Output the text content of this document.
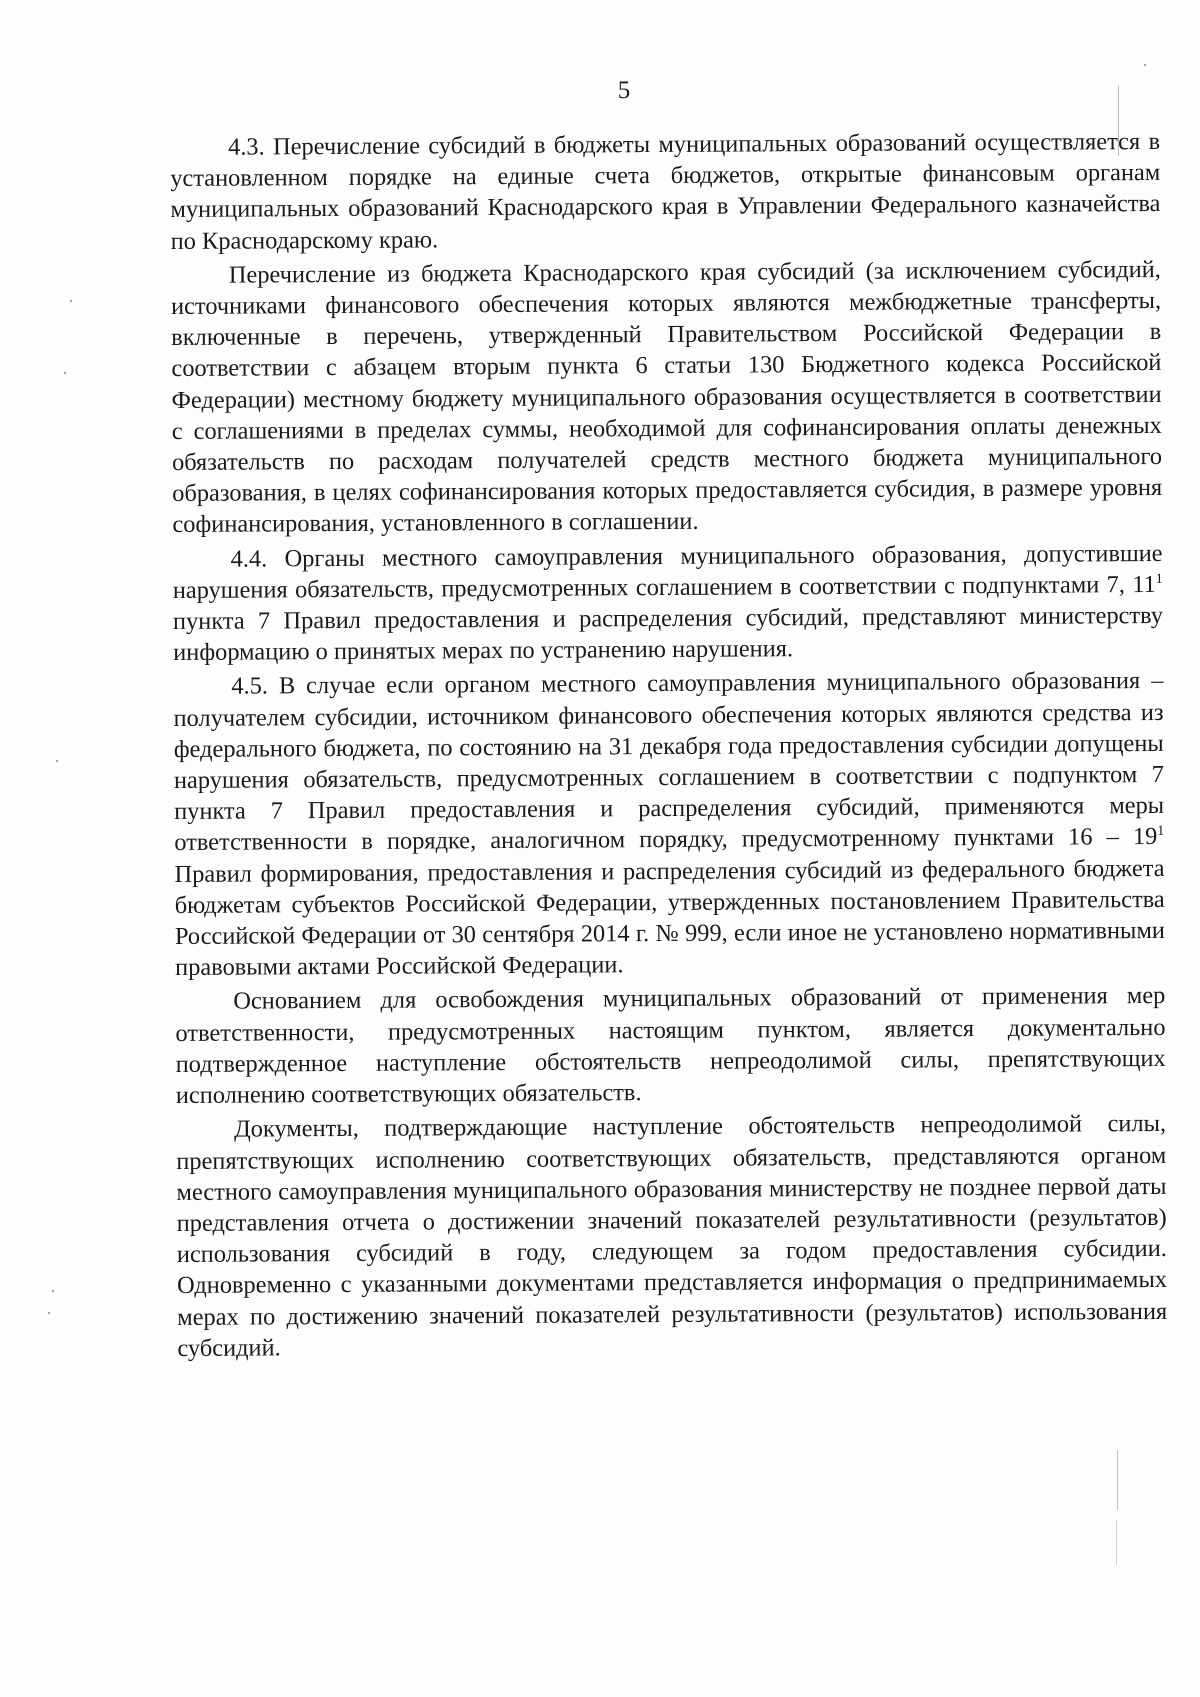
5

4.3. Перечисление субсидий в бюджеты муниципальных образований осуществляется в установленном порядке на единые счета бюджетов, открытые финансовым органам муниципальных образований Краснодарского края в Управлении Федерального казначейства по Краснодарскому краю.

Перечисление из бюджета Краснодарского края субсидий (за исключением субсидий, источниками финансового обеспечения которых являются межбюджетные трансферты, включенные в перечень, утвержденный Правительством Российской Федерации в соответствии с абзацем вторым пункта 6 статьи 130 Бюджетного кодекса Российской Федерации) местному бюджету муниципального образования осуществляется в соответствии с соглашениями в пределах суммы, необходимой для софинансирования оплаты денежных обязательств по расходам получателей средств местного бюджета муниципального образования, в целях софинансирования которых предоставляется субсидия, в размере уровня софинансирования, установленного в соглашении.

4.4. Органы местного самоуправления муниципального образования, допустившие нарушения обязательств, предусмотренных соглашением в соответствии с подпунктами 7, $11^1$ пункта 7 Правил предоставления и распределения субсидий, представляют министерству информацию о принятых мерах по устранению нарушения.

4.5. В случае если органом местного самоуправления муниципального образования – получателем субсидии, источником финансового обеспечения которых являются средства из федерального бюджета, по состоянию на 31 декабря года предоставления субсидии допущены нарушения обязательств, предусмотренных соглашением в соответствии с подпунктом 7 пункта 7 Правил предоставления и распределения субсидий, применяются меры ответственности в порядке, аналогичном порядку, предусмотренному пунктами $16 - 19^1$ Правил формирования, предоставления и распределения субсидий из федерального бюджета бюджетам субъектов Российской Федерации, утвержденных постановлением Правительства Российской Федерации от 30 сентября 2014 г. № 999, если иное не установлено нормативными правовыми актами Российской Федерации.

Основанием для освобождения муниципальных образований от применения мер ответственности, предусмотренных настоящим пунктом, является документально подтвержденное наступление обстоятельств непреодолимой силы, препятствующих исполнению соответствующих обязательств.

Документы, подтверждающие наступление обстоятельств непреодолимой силы, препятствующих исполнению соответствующих обязательств, представляются органом местного самоуправления муниципального образования министерству не позднее первой даты представления отчета о достижении значений показателей результативности (результатов) использования субсидий в году, следующем за годом предоставления субсидии. Одновременно с указанными документами представляется информация о предпринимаемых мерах по достижению значений показателей результативности (результатов) использования субсидий.
